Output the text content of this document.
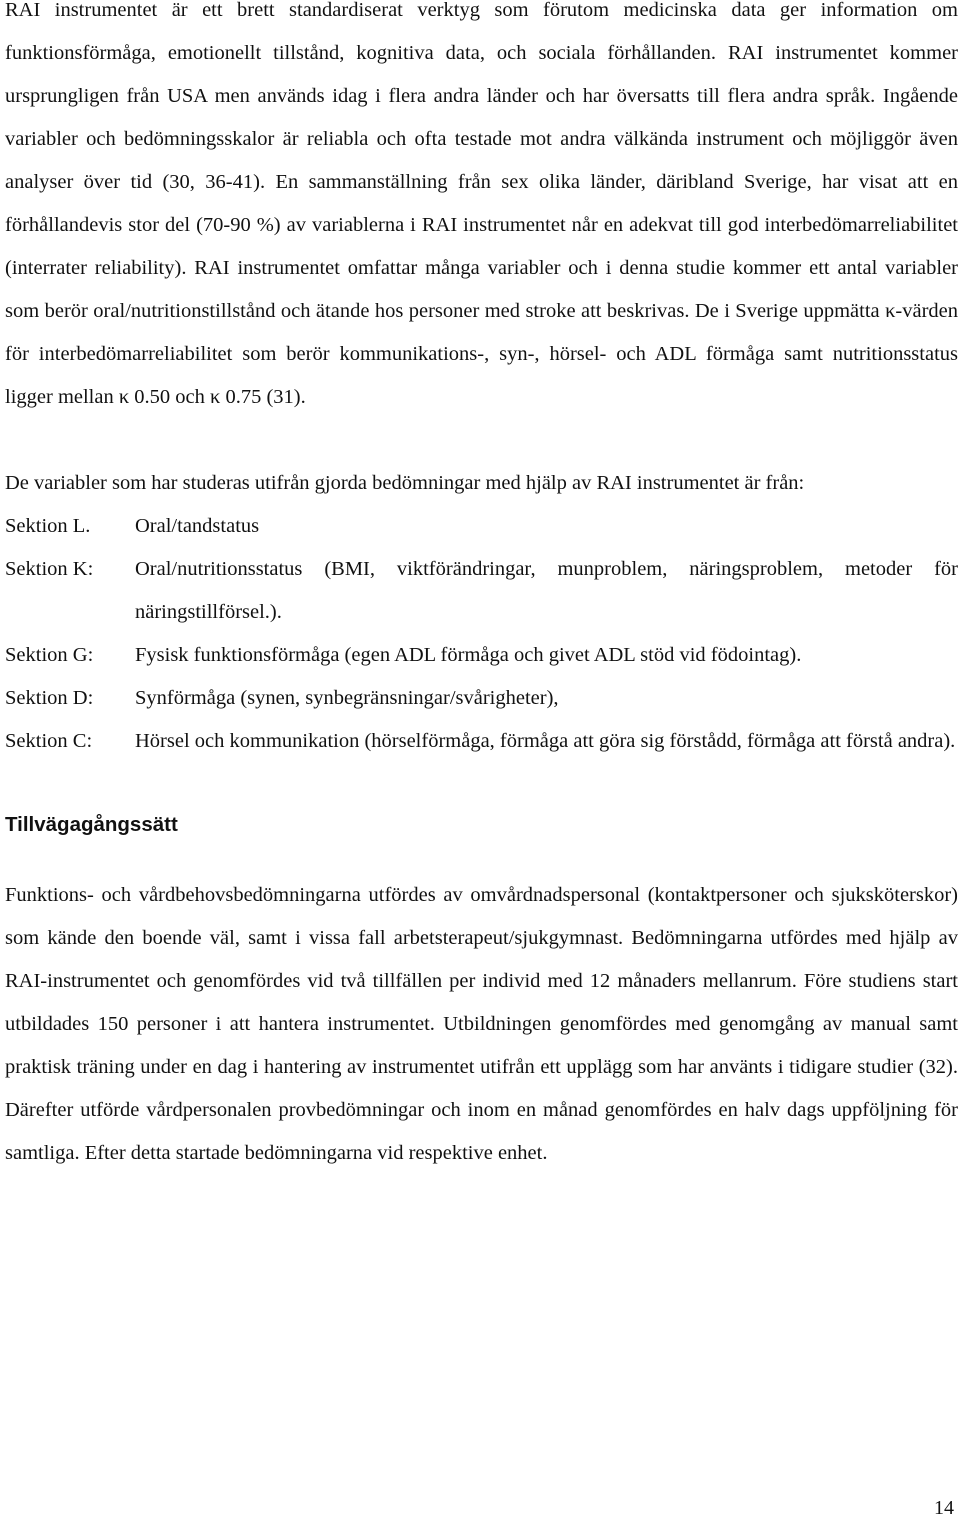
RAI instrumentet är ett brett standardiserat verktyg som förutom medicinska data ger information om funktionsförmåga, emotionellt tillstånd, kognitiva data, och sociala förhållanden. RAI instrumentet kommer ursprungligen från USA men används idag i flera andra länder och har översatts till flera andra språk. Ingående variabler och bedömningsskalor är reliabla och ofta testade mot andra välkända instrument och möjliggör även analyser över tid (30, 36-41). En sammanställning från sex olika länder, däribland Sverige, har visat att en förhållandevis stor del (70-90 %) av variablerna i RAI instrumentet når en adekvat till god interbedömarreliabilitet (interrater reliability). RAI instrumentet omfattar många variabler och i denna studie kommer ett antal variabler som berör oral/nutritionstillstånd och ätande hos personer med stroke att beskrivas. De i Sverige uppmätta κ-värden för interbedömarreliabilitet som berör kommunikations-, syn-, hörsel- och ADL förmåga samt nutritionsstatus ligger mellan κ 0.50 och κ 0.75 (31).

De variabler som har studeras utifrån gjorda bedömningar med hjälp av RAI instrumentet är från:

Sektion L.	Oral/tandstatus
Sektion K:	Oral/nutritionsstatus (BMI, viktförändringar, munproblem, näringsproblem, metoder för näringstillförsel.).
Sektion G:	Fysisk funktionsförmåga (egen ADL förmåga och givet ADL stöd vid födointag).
Sektion D:	Synförmåga (synen, synbegränsningar/svårigheter),
Sektion C:	Hörsel och kommunikation (hörselförmåga, förmåga att göra sig förstådd, förmåga att förstå andra).
Tillvägagångssätt

Funktions- och vårdbehovsbedömningarna utfördes av omvårdnadspersonal (kontaktpersoner och sjuksköterskor) som kände den boende väl, samt i vissa fall arbetsterapeut/sjukgymnast. Bedömningarna utfördes med hjälp av RAI-instrumentet och genomfördes vid två tillfällen per individ med 12 månaders mellanrum. Före studiens start utbildades 150 personer i att hantera instrumentet. Utbildningen genomfördes med genomgång av manual samt praktisk träning under en dag i hantering av instrumentet utifrån ett upplägg som har använts i tidigare studier (32). Därefter utförde vårdpersonalen provbedömningar och inom en månad genomfördes en halv dags uppföljning för samtliga. Efter detta startade bedömningarna vid respektive enhet.

14
